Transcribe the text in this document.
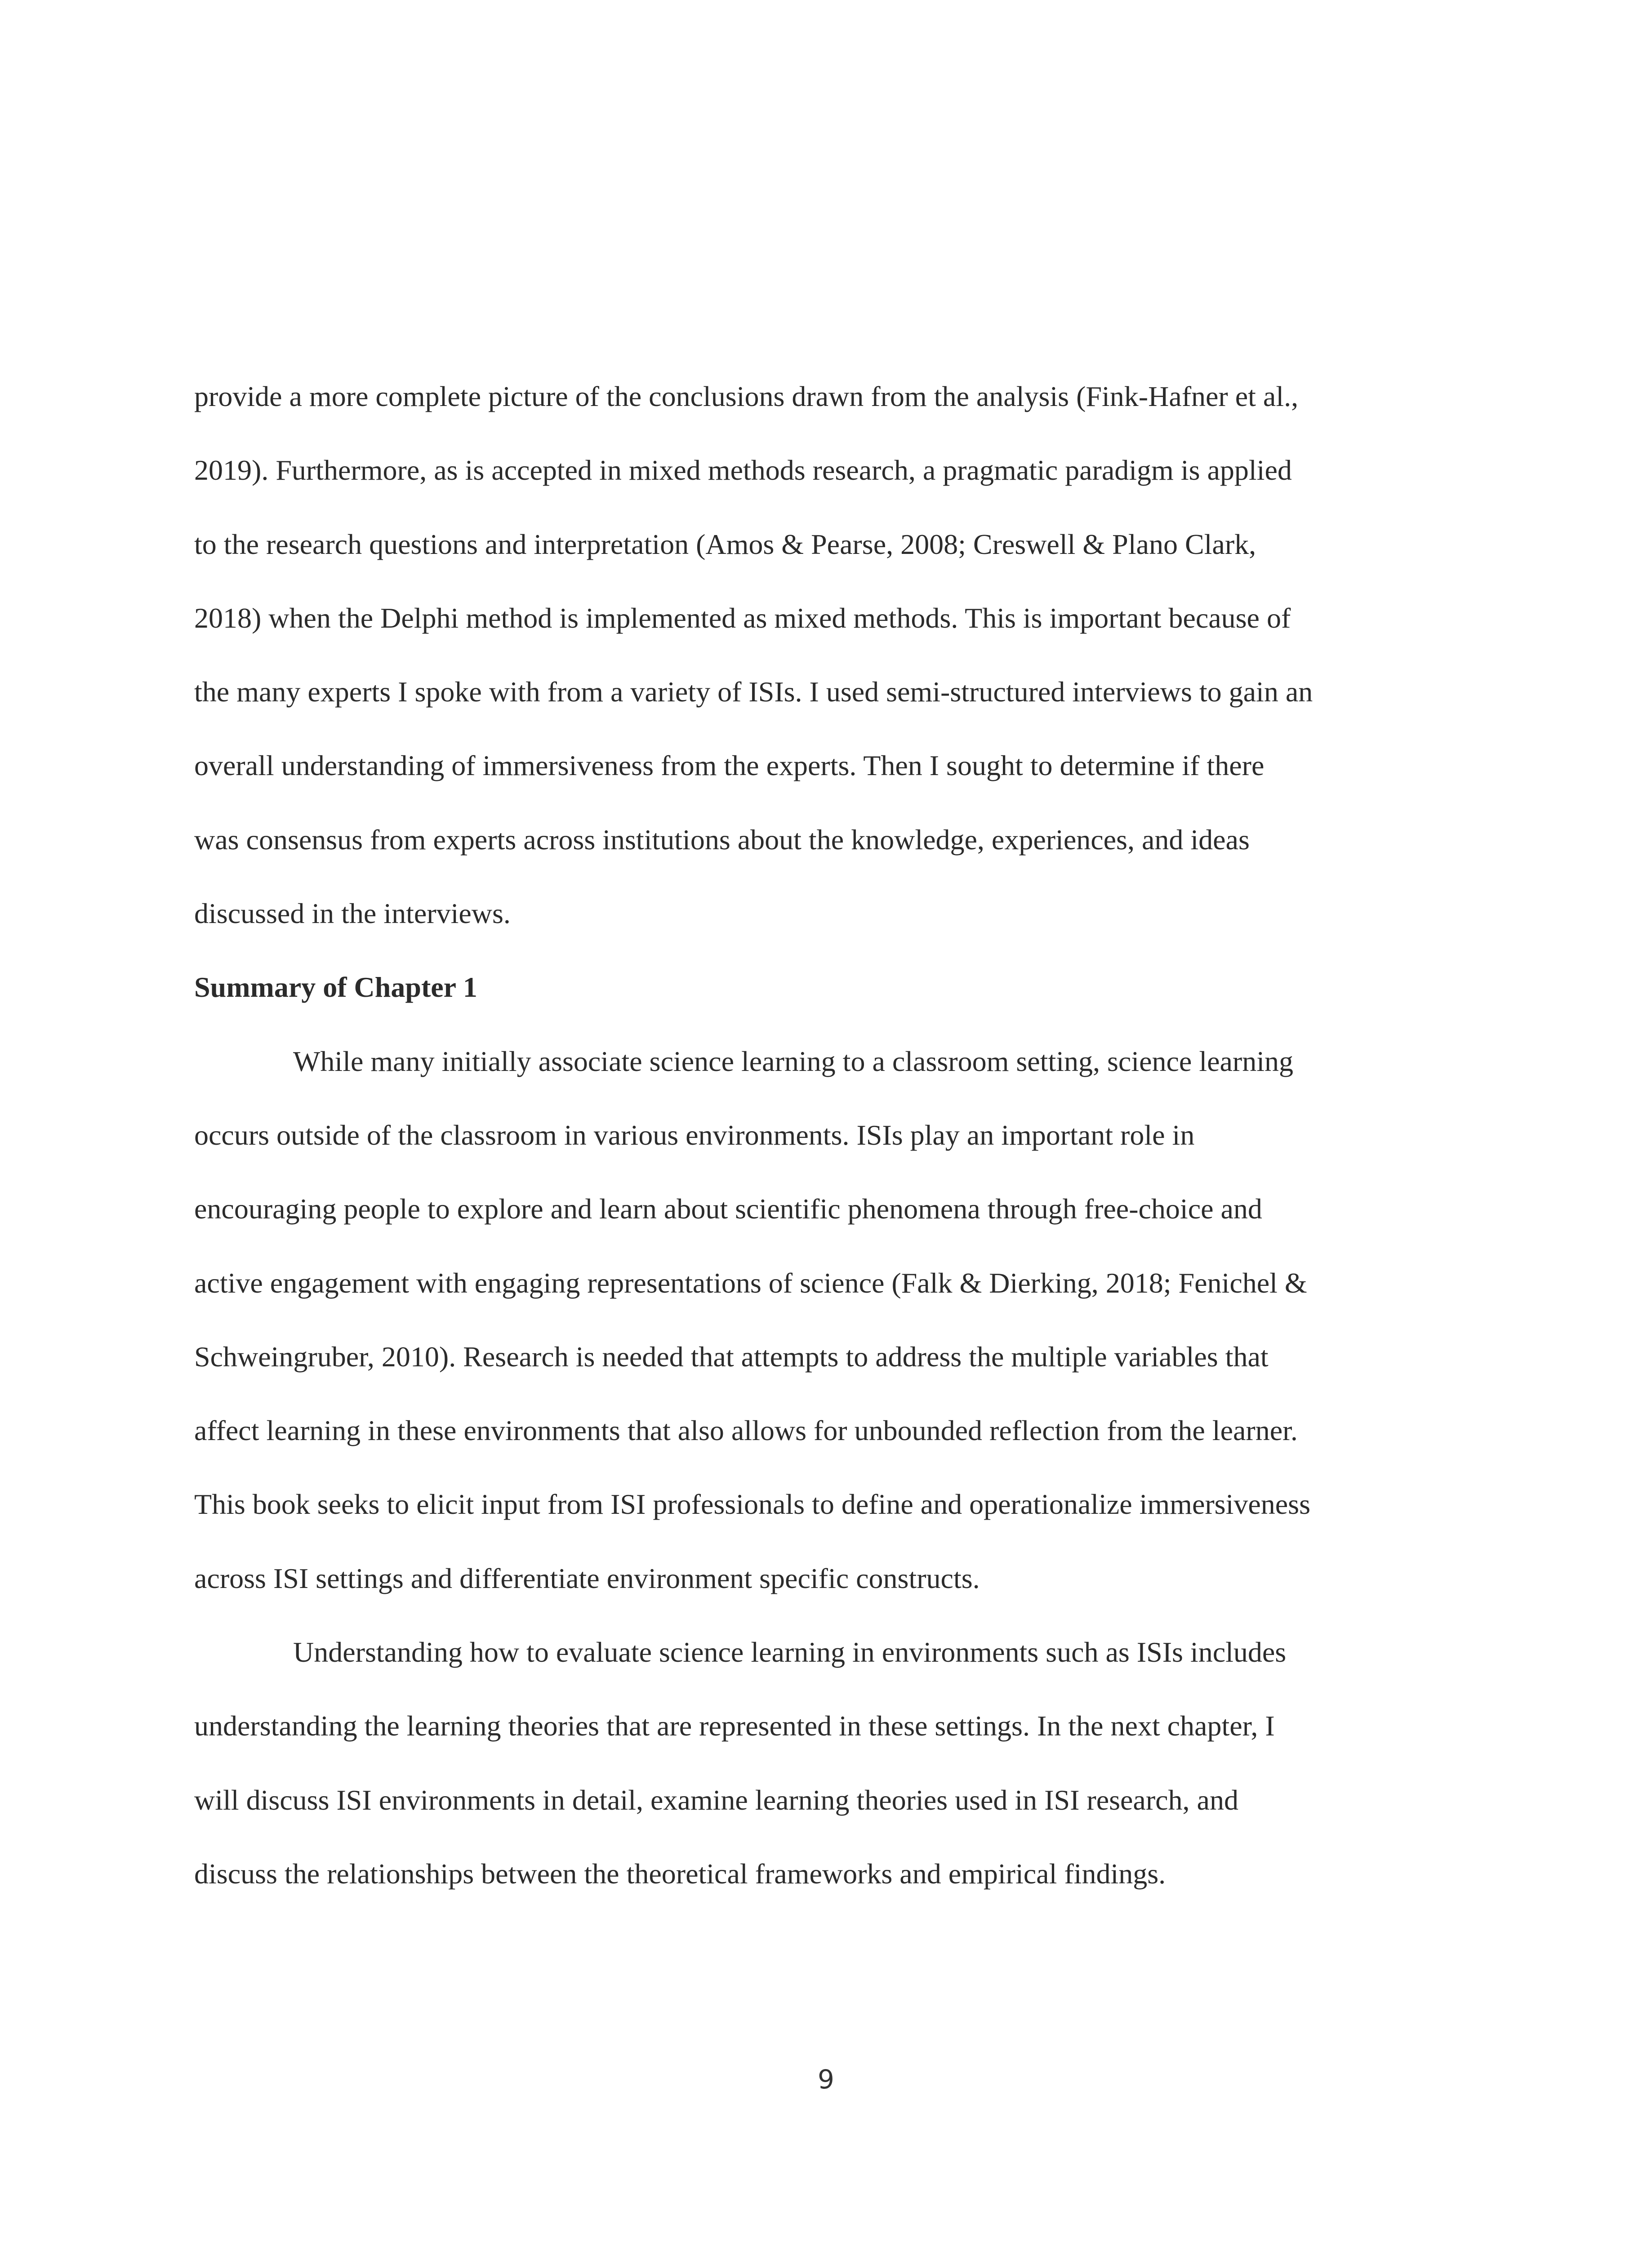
provide a more complete picture of the conclusions drawn from the analysis (Fink-Hafner et al.,
2019). Furthermore, as is accepted in mixed methods research, a pragmatic paradigm is applied
to the research questions and interpretation (Amos & Pearse, 2008; Creswell & Plano Clark,
2018) when the Delphi method is implemented as mixed methods. This is important because of
the many experts I spoke with from a variety of ISIs. I used semi-structured interviews to gain an
overall understanding of immersiveness from the experts. Then I sought to determine if there
was consensus from experts across institutions about the knowledge, experiences, and ideas
discussed in the interviews.
Summary of Chapter 1
While many initially associate science learning to a classroom setting, science learning
occurs outside of the classroom in various environments. ISIs play an important role in
encouraging people to explore and learn about scientific phenomena through free-choice and
active engagement with engaging representations of science (Falk & Dierking, 2018; Fenichel &
Schweingruber, 2010). Research is needed that attempts to address the multiple variables that
affect learning in these environments that also allows for unbounded reflection from the learner.
This book seeks to elicit input from ISI professionals to define and operationalize immersiveness
across ISI settings and differentiate environment specific constructs.
Understanding how to evaluate science learning in environments such as ISIs includes
understanding the learning theories that are represented in these settings. In the next chapter, I
will discuss ISI environments in detail, examine learning theories used in ISI research, and
discuss the relationships between the theoretical frameworks and empirical findings.
9
